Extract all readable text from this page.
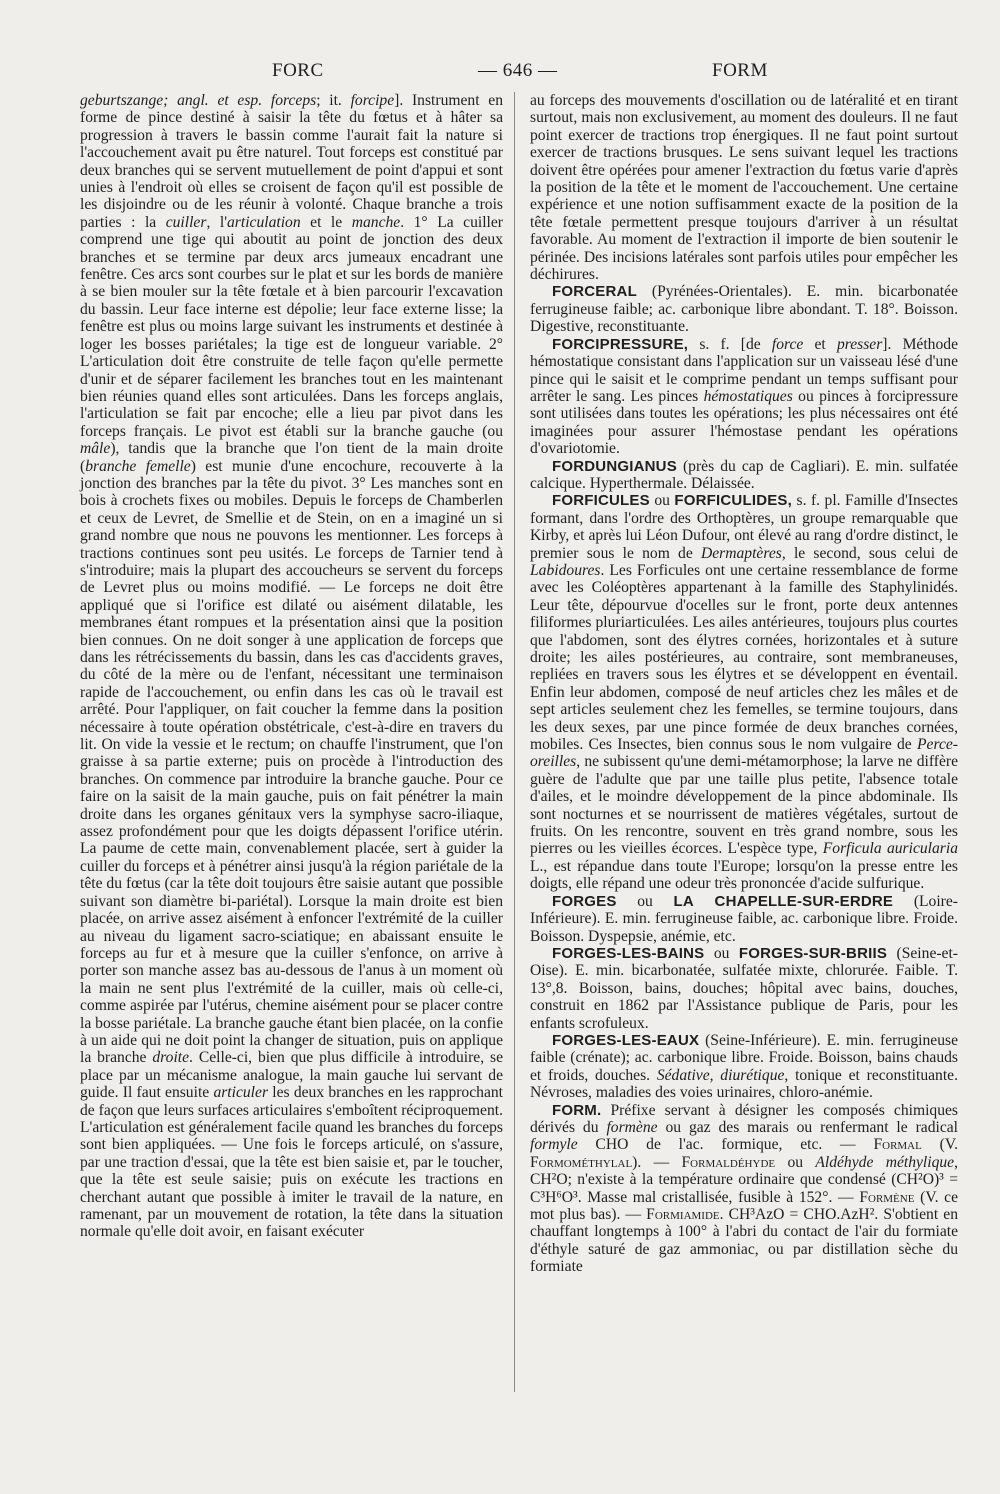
FORC	— 646 —	FORM

geburtszange; angl. et esp. forceps; it. forcipe]. Instrument en forme de pince destiné à saisir la tête du fœtus et à hâter sa progression à travers le bassin comme l'aurait fait la nature si l'accouchement avait pu être naturel. Tout forceps est constitué par deux branches qui se servent mutuellement de point d'appui et sont unies à l'endroit où elles se croisent de façon qu'il est possible de les disjoindre ou de les réunir à volonté. Chaque branche a trois parties : la cuiller, l'articulation et le manche. 1° La cuiller comprend une tige qui aboutit au point de jonction des deux branches et se termine par deux arcs jumeaux encadrant une fenêtre. Ces arcs sont courbes sur le plat et sur les bords de manière à se bien mouler sur la tête fœtale et à bien parcourir l'excavation du bassin. Leur face interne est dépolie; leur face externe lisse; la fenêtre est plus ou moins large suivant les instruments et destinée à loger les bosses pariétales; la tige est de longueur variable. 2° L'articulation doit être construite de telle façon qu'elle permette d'unir et de séparer facilement les branches tout en les maintenant bien réunies quand elles sont articulées. Dans les forceps anglais, l'articulation se fait par encoche; elle a lieu par pivot dans les forceps français. Le pivot est établi sur la branche gauche (ou mâle), tandis que la branche que l'on tient de la main droite (branche femelle) est munie d'une encochure, recouverte à la jonction des branches par la tête du pivot. 3° Les manches sont en bois à crochets fixes ou mobiles. Depuis le forceps de Chamberlen et ceux de Levret, de Smellie et de Stein, on en a imaginé un si grand nombre que nous ne pouvons les mentionner. Les forceps à tractions continues sont peu usités. Le forceps de Tarnier tend à s'introduire; mais la plupart des accoucheurs se servent du forceps de Levret plus ou moins modifié. — Le forceps ne doit être appliqué que si l'orifice est dilaté ou aisément dilatable, les membranes étant rompues et la présentation ainsi que la position bien connues. On ne doit songer à une application de forceps que dans les rétrécissements du bassin, dans les cas d'accidents graves, du côté de la mère ou de l'enfant, nécessitant une terminaison rapide de l'accouchement, ou enfin dans les cas où le travail est arrêté. Pour l'appliquer, on fait coucher la femme dans la position nécessaire à toute opération obstétricale, c'est-à-dire en travers du lit. On vide la vessie et le rectum; on chauffe l'instrument, que l'on graisse à sa partie externe; puis on procède à l'introduction des branches. On commence par introduire la branche gauche. Pour ce faire on la saisit de la main gauche, puis on fait pénétrer la main droite dans les organes génitaux vers la symphyse sacro-iliaque, assez profondément pour que les doigts dépassent l'orifice utérin. La paume de cette main, convenablement placée, sert à guider la cuiller du forceps et à pénétrer ainsi jusqu'à la région pariétale de la tête du fœtus (car la tête doit toujours être saisie autant que possible suivant son diamètre bi-pariétal). Lorsque la main droite est bien placée, on arrive assez aisément à enfoncer l'extrémité de la cuiller au niveau du ligament sacro-sciatique; en abaissant ensuite le forceps au fur et à mesure que la cuiller s'enfonce, on arrive à porter son manche assez bas au-dessous de l'anus à un moment où la main ne sent plus l'extrémité de la cuiller, mais où celle-ci, comme aspirée par l'utérus, chemine aisément pour se placer contre la bosse pariétale. La branche gauche étant bien placée, on la confie à un aide qui ne doit point la changer de situation, puis on applique la branche droite. Celle-ci, bien que plus difficile à introduire, se place par un mécanisme analogue, la main gauche lui servant de guide. Il faut ensuite articuler les deux branches en les rapprochant de façon que leurs surfaces articulaires s'emboîtent réciproquement. L'articulation est généralement facile quand les branches du forceps sont bien appliquées. — Une fois le forceps articulé, on s'assure, par une traction d'essai, que la tête est bien saisie et, par le toucher, que la tête est seule saisie; puis on exécute les tractions en cherchant autant que possible à imiter le travail de la nature, en ramenant, par un mouvement de rotation, la tête dans la situation normale qu'elle doit avoir, en faisant exécuter

au forceps des mouvements d'oscillation ou de latéralité et en tirant surtout, mais non exclusivement, au moment des douleurs. Il ne faut point exercer de tractions trop énergiques. Il ne faut point surtout exercer de tractions brusques. Le sens suivant lequel les tractions doivent être opérées pour amener l'extraction du fœtus varie d'après la position de la tête et le moment de l'accouchement. Une certaine expérience et une notion suffisamment exacte de la position de la tête fœtale permettent presque toujours d'arriver à un résultat favorable. Au moment de l'extraction il importe de bien soutenir le périnée. Des incisions latérales sont parfois utiles pour empêcher les déchirures.

FORCERAL (Pyrénées-Orientales). E. min. bicarbonatée ferrugineuse faible; ac. carbonique libre abondant. T. 18°. Boisson. Digestive, reconstituante.

FORCIPRESSURE, s. f. [de force et presser]. Méthode hémostatique consistant dans l'application sur un vaisseau lésé d'une pince qui le saisit et le comprime pendant un temps suffisant pour arrêter le sang. Les pinces hémostatiques ou pinces à forcipressure sont utilisées dans toutes les opérations; les plus nécessaires ont été imaginées pour assurer l'hémostase pendant les opérations d'ovariotomie.

FORDUNGIANUS (près du cap de Cagliari). E. min. sulfatée calcique. Hyperthermale. Délaissée.

FORFICULES ou FORFICULIDES, s. f. pl. Famille d'Insectes formant, dans l'ordre des Orthoptères, un groupe remarquable que Kirby, et après lui Léon Dufour, ont élevé au rang d'ordre distinct, le premier sous le nom de Dermaptères, le second, sous celui de Labidoures. Les Forficules ont une certaine ressemblance de forme avec les Coléoptères appartenant à la famille des Staphylinidés. Leur tête, dépourvue d'ocelles sur le front, porte deux antennes filiformes pluriarticulées. Les ailes antérieures, toujours plus courtes que l'abdomen, sont des élytres cornées, horizontales et à suture droite; les ailes postérieures, au contraire, sont membraneuses, repliées en travers sous les élytres et se développent en éventail. Enfin leur abdomen, composé de neuf articles chez les mâles et de sept articles seulement chez les femelles, se termine toujours, dans les deux sexes, par une pince formée de deux branches cornées, mobiles. Ces Insectes, bien connus sous le nom vulgaire de Perce-oreilles, ne subissent qu'une demi-métamorphose; la larve ne diffère guère de l'adulte que par une taille plus petite, l'absence totale d'ailes, et le moindre développement de la pince abdominale. Ils sont nocturnes et se nourrissent de matières végétales, surtout de fruits. On les rencontre, souvent en très grand nombre, sous les pierres ou les vieilles écorces. L'espèce type, Forficula auricularia L., est répandue dans toute l'Europe; lorsqu'on la presse entre les doigts, elle répand une odeur très prononcée d'acide sulfurique.

FORGES ou LA CHAPELLE-SUR-ERDRE (Loire-Inférieure). E. min. ferrugineuse faible, ac. carbonique libre. Froide. Boisson. Dyspepsie, anémie, etc.

FORGES-LES-BAINS ou FORGES-SUR-BRIIS (Seine-et-Oise). E. min. bicarbonatée, sulfatée mixte, chlorurée. Faible. T. 13°,8. Boisson, bains, douches; hôpital avec bains, douches, construit en 1862 par l'Assistance publique de Paris, pour les enfants scrofuleux.

FORGES-LES-EAUX (Seine-Inférieure). E. min. ferrugineuse faible (crénate); ac. carbonique libre. Froide. Boisson, bains chauds et froids, douches. Sédative, diurétique, tonique et reconstituante. Névroses, maladies des voies urinaires, chloro-anémie.

FORM. Préfixe servant à désigner les composés chimiques dérivés du formène ou gaz des marais ou renfermant le radical formyle CHO de l'ac. formique, etc. — Formal (V. Formométhylal). — Formaldéhyde ou Aldéhyde méthylique, CH²O; n'existe à la température ordinaire que condensé (CH²O)³ = C³H⁶O³. Masse mal cristallisée, fusible à 152°. — Formène (V. ce mot plus bas). — Formiamide. CH³AzO = CHO.AzH². S'obtient en chauffant longtemps à 100° à l'abri du contact de l'air du formiate d'éthyle saturé de gaz ammoniac, ou par distillation sèche du formiate
